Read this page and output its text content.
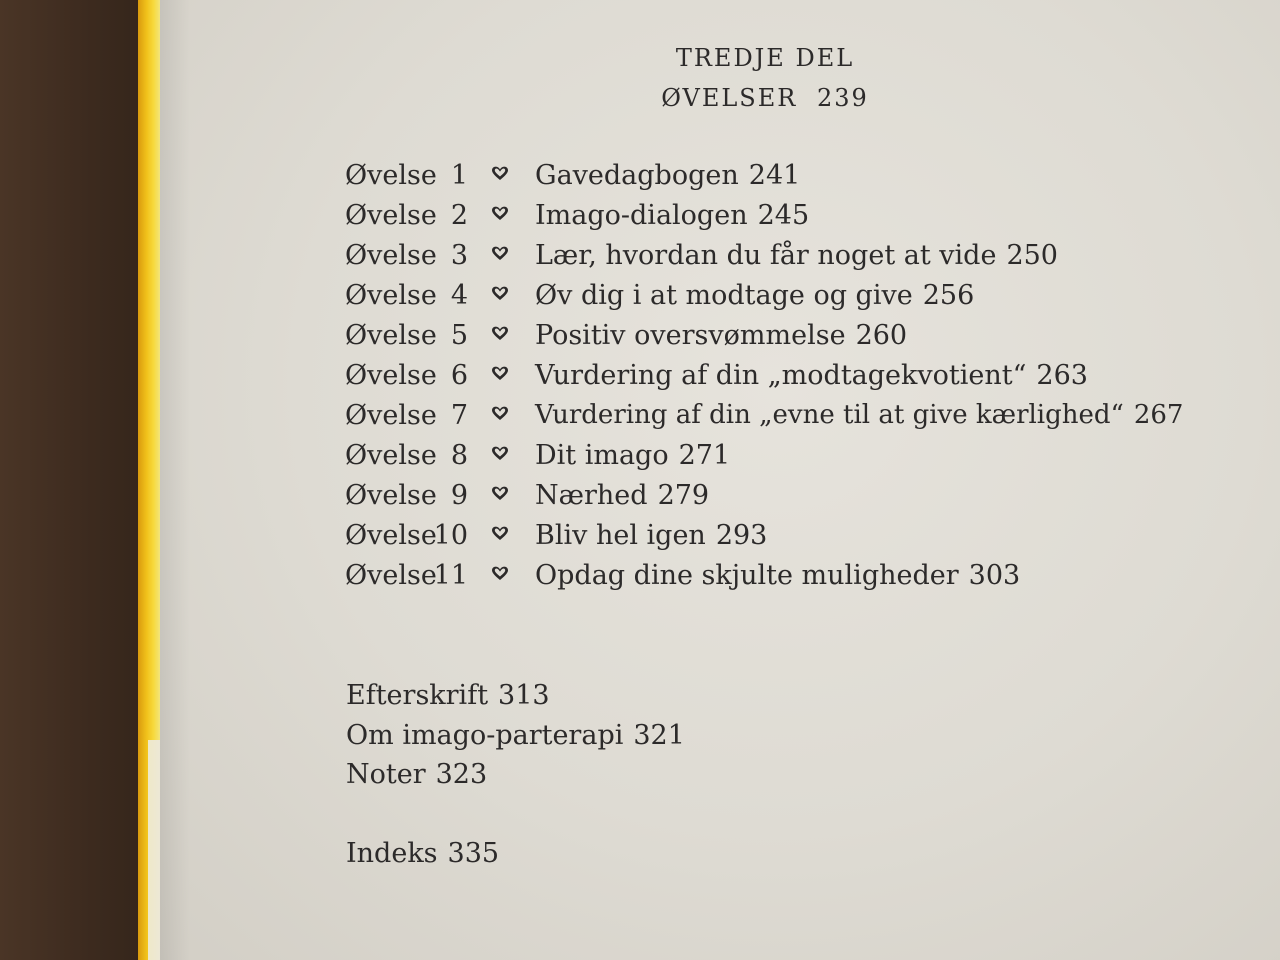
TREDJE DEL
ØVELSER 239
Øvelse 1 Gavedagbogen 241
Øvelse 2 Imago-dialogen 245
Øvelse 3 Lær, hvordan du får noget at vide 250
Øvelse 4 Øv dig i at modtage og give 256
Øvelse 5 Positiv oversvømmelse 260
Øvelse 6 Vurdering af din „modtagekvotient“ 263
Øvelse 7	Vurdering af din „evne til at give kærlighed“ 267
Øvelse 8 Dit imago 271
Øvelse 9 Nærhed 279
Øvelse
10 Bliv hel igen 293
Øvelse
11 Opdag dine skjulte muligheder 303
Efterskrift 313
Om imago-parterapi 321
Noter 323
Indeks 335
